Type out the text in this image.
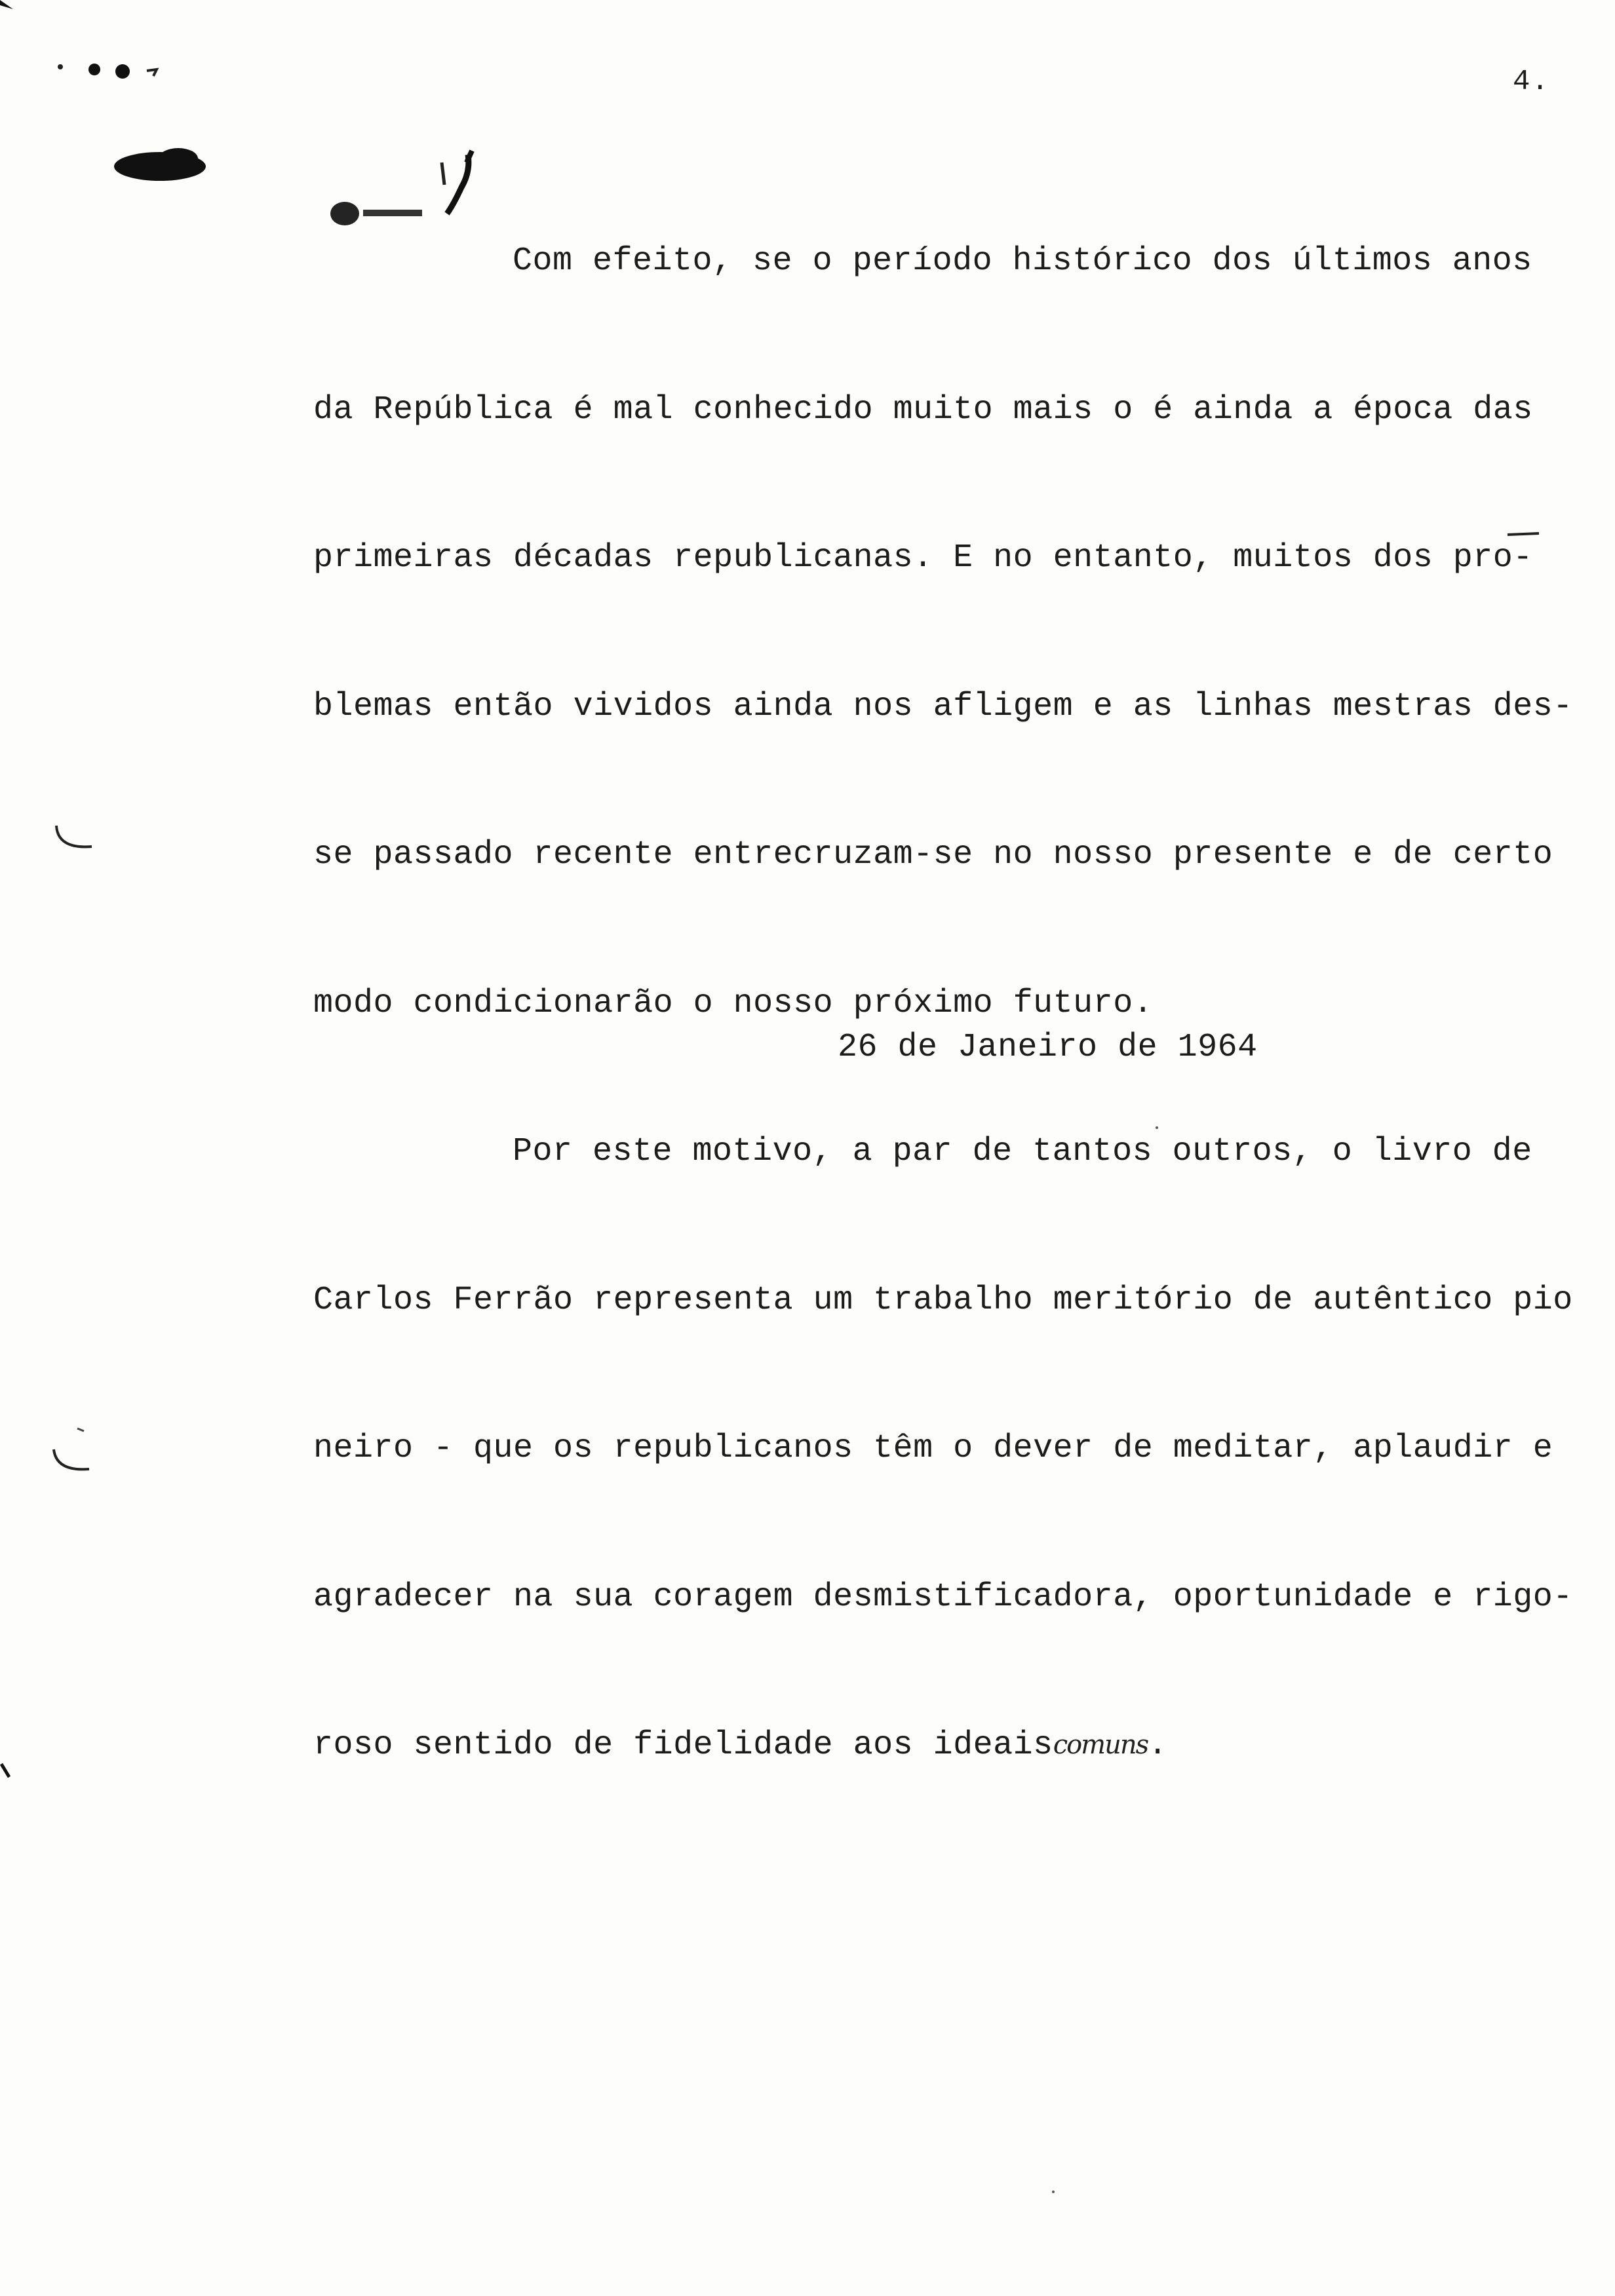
4.

Com efeito, se o período histórico dos últimos anos

da República é mal conhecido muito mais o é ainda a época das

primeiras décadas republicanas. E no entanto, muitos dos pro-

blemas então vividos ainda nos afligem e as linhas mestras des-

se passado recente entrecruzam-se no nosso presente e de certo

modo condicionarão o nosso próximo futuro.

Por este motivo, a par de tantos outros, o livro de

Carlos Ferrão representa um trabalho meritório de autêntico pio

neiro - que os republicanos têm o dever de meditar, aplaudir e

agradecer na sua coragem desmistificadora, oportunidade e rigo-

roso sentido de fidelidade aos ideaiscomuns.

26 de Janeiro de 1964
